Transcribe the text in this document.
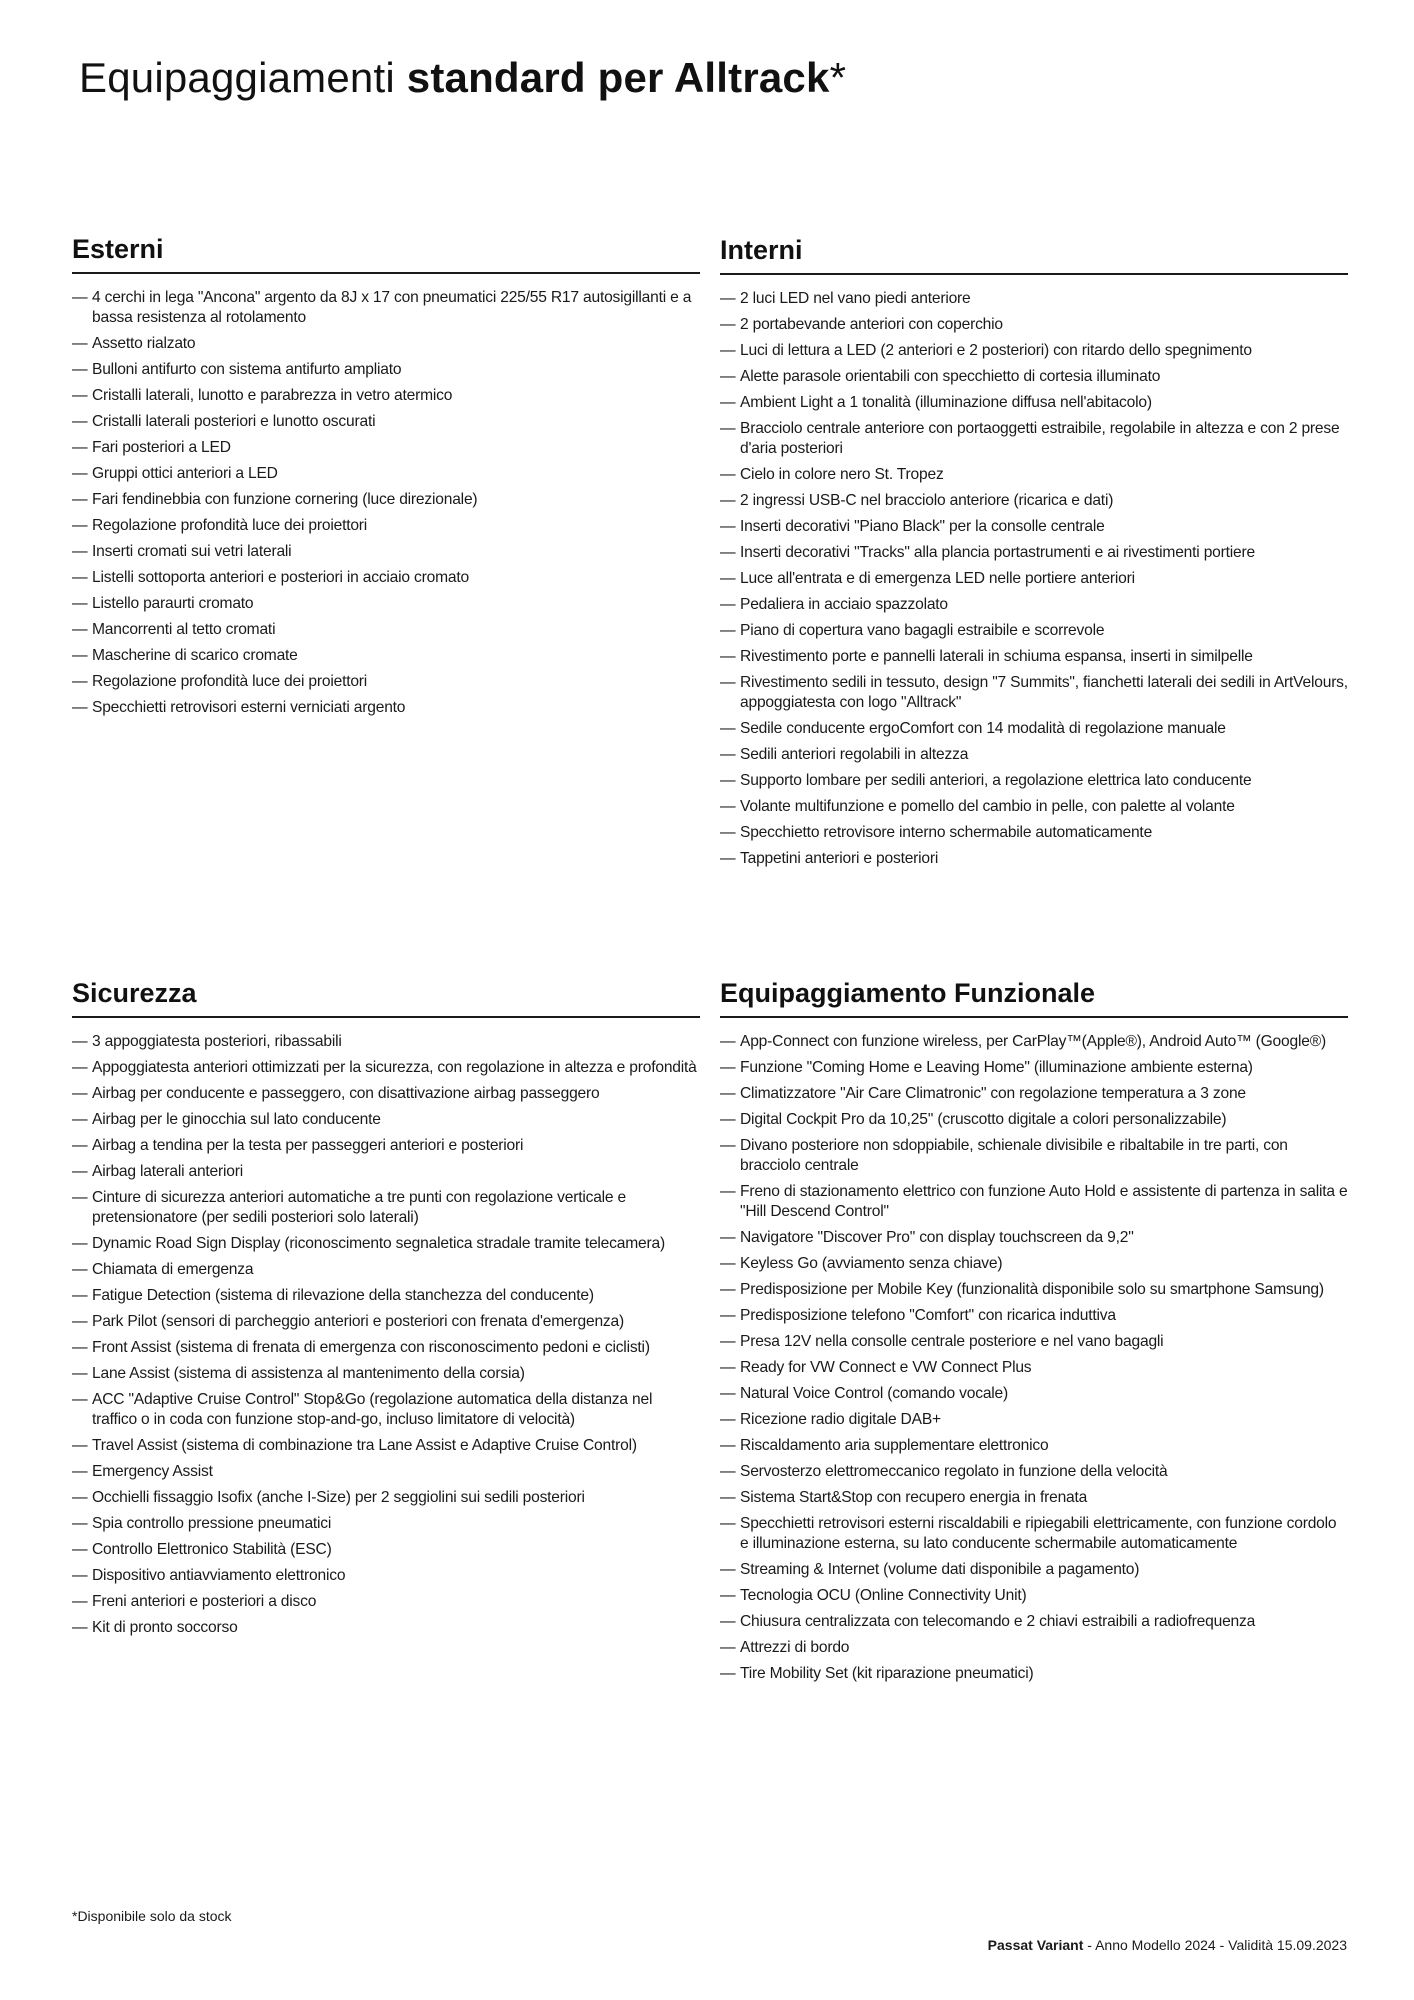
Equipaggiamenti standard per Alltrack*
Esterni
— 4 cerchi in lega "Ancona" argento da 8J x 17 con pneumatici 225/55 R17 autosigillanti e a bassa resistenza al rotolamento
— Assetto rialzato
— Bulloni antifurto con sistema antifurto ampliato
— Cristalli laterali, lunotto e parabrezza in vetro atermico
— Cristalli laterali posteriori e lunotto oscurati
— Fari posteriori a LED
— Gruppi ottici anteriori a LED
— Fari fendinebbia con funzione cornering (luce direzionale)
— Regolazione profondità luce dei proiettori
— Inserti cromati sui vetri laterali
— Listelli sottoporta anteriori e posteriori in acciaio cromato
— Listello paraurti cromato
— Mancorrenti al tetto cromati
— Mascherine di scarico cromate
— Regolazione profondità luce dei proiettori
— Specchietti retrovisori esterni verniciati argento
Interni
— 2 luci LED nel vano piedi anteriore
— 2 portabevande anteriori con coperchio
— Luci di lettura a LED (2 anteriori e 2 posteriori) con ritardo dello spegnimento
— Alette parasole orientabili con specchietto di cortesia illuminato
— Ambient Light a 1 tonalità (illuminazione diffusa nell'abitacolo)
— Bracciolo centrale anteriore con portaoggetti estraibile, regolabile in altezza e con 2 prese d'aria posteriori
— Cielo in colore nero St. Tropez
— 2 ingressi USB-C nel bracciolo anteriore (ricarica e dati)
— Inserti decorativi "Piano Black" per la consolle centrale
— Inserti decorativi "Tracks" alla plancia portastrumenti e ai rivestimenti portiere
— Luce all'entrata e di emergenza LED nelle portiere anteriori
— Pedaliera in acciaio spazzolato
— Piano di copertura vano bagagli estraibile e scorrevole
— Rivestimento porte e pannelli laterali in schiuma espansa, inserti in similpelle
— Rivestimento sedili in tessuto, design "7 Summits", fianchetti laterali dei sedili in ArtVelours, appoggiatesta con logo "Alltrack"
— Sedile conducente ergoComfort con 14 modalità di regolazione manuale
— Sedili anteriori regolabili in altezza
— Supporto lombare per sedili anteriori, a regolazione elettrica lato conducente
— Volante multifunzione e pomello del cambio in pelle, con palette al volante
— Specchietto retrovisore interno schermabile automaticamente
— Tappetini anteriori e posteriori
Sicurezza
— 3 appoggiatesta posteriori, ribassabili
— Appoggiatesta anteriori ottimizzati per la sicurezza, con regolazione in altezza e profondità
— Airbag per conducente e passeggero, con disattivazione airbag passeggero
— Airbag per le ginocchia sul lato conducente
— Airbag a tendina per la testa per passeggeri anteriori e posteriori
— Airbag laterali anteriori
— Cinture di sicurezza anteriori automatiche a tre punti con regolazione verticale e pretensionatore (per sedili posteriori solo laterali)
— Dynamic Road Sign Display (riconoscimento segnaletica stradale tramite telecamera)
— Chiamata di emergenza
— Fatigue Detection (sistema di rilevazione della stanchezza del conducente)
— Park Pilot (sensori di parcheggio anteriori e posteriori con frenata d'emergenza)
— Front Assist (sistema di frenata di emergenza con risconoscimento pedoni e ciclisti)
— Lane Assist (sistema di assistenza al mantenimento della corsia)
— ACC "Adaptive Cruise Control" Stop&Go (regolazione automatica della distanza nel traffico o in coda con funzione stop-and-go, incluso limitatore di velocità)
— Travel Assist (sistema di combinazione tra Lane Assist e Adaptive Cruise Control)
— Emergency Assist
— Occhielli fissaggio Isofix (anche I-Size) per 2 seggiolini sui sedili posteriori
— Spia controllo pressione pneumatici
— Controllo Elettronico Stabilità (ESC)
— Dispositivo antiavviamento elettronico
— Freni anteriori e posteriori a disco
— Kit di pronto soccorso
Equipaggiamento Funzionale
— App-Connect con funzione wireless, per CarPlay™(Apple®), Android Auto™ (Google®)
— Funzione "Coming Home e Leaving Home" (illuminazione ambiente esterna)
— Climatizzatore "Air Care Climatronic" con regolazione temperatura a 3 zone
— Digital Cockpit Pro da 10,25'' (cruscotto digitale a colori personalizzabile)
— Divano posteriore non sdoppiabile, schienale divisibile e ribaltabile in tre parti, con bracciolo centrale
— Freno di stazionamento elettrico con funzione Auto Hold e assistente di partenza in salita e "Hill Descend Control"
— Navigatore "Discover Pro" con display touchscreen da 9,2''
— Keyless Go (avviamento senza chiave)
— Predisposizione per Mobile Key (funzionalità disponibile solo su smartphone Samsung)
— Predisposizione telefono "Comfort" con ricarica induttiva
— Presa 12V nella consolle centrale posteriore e nel vano bagagli
— Ready for VW Connect e VW Connect Plus
— Natural Voice Control (comando vocale)
— Ricezione radio digitale DAB+
— Riscaldamento aria supplementare elettronico
— Servosterzo elettromeccanico regolato in funzione della velocità
— Sistema Start&Stop con recupero energia in frenata
— Specchietti retrovisori esterni riscaldabili e ripiegabili elettricamente, con funzione cordolo e illuminazione esterna, su lato conducente schermabile automaticamente
— Streaming & Internet (volume dati disponibile a pagamento)
— Tecnologia OCU (Online Connectivity Unit)
— Chiusura centralizzata con telecomando e 2 chiavi estraibili a radiofrequenza
— Attrezzi di bordo
— Tire Mobility Set (kit riparazione pneumatici)
*Disponibile solo da stock
Passat Variant - Anno Modello 2024 - Validità 15.09.2023
